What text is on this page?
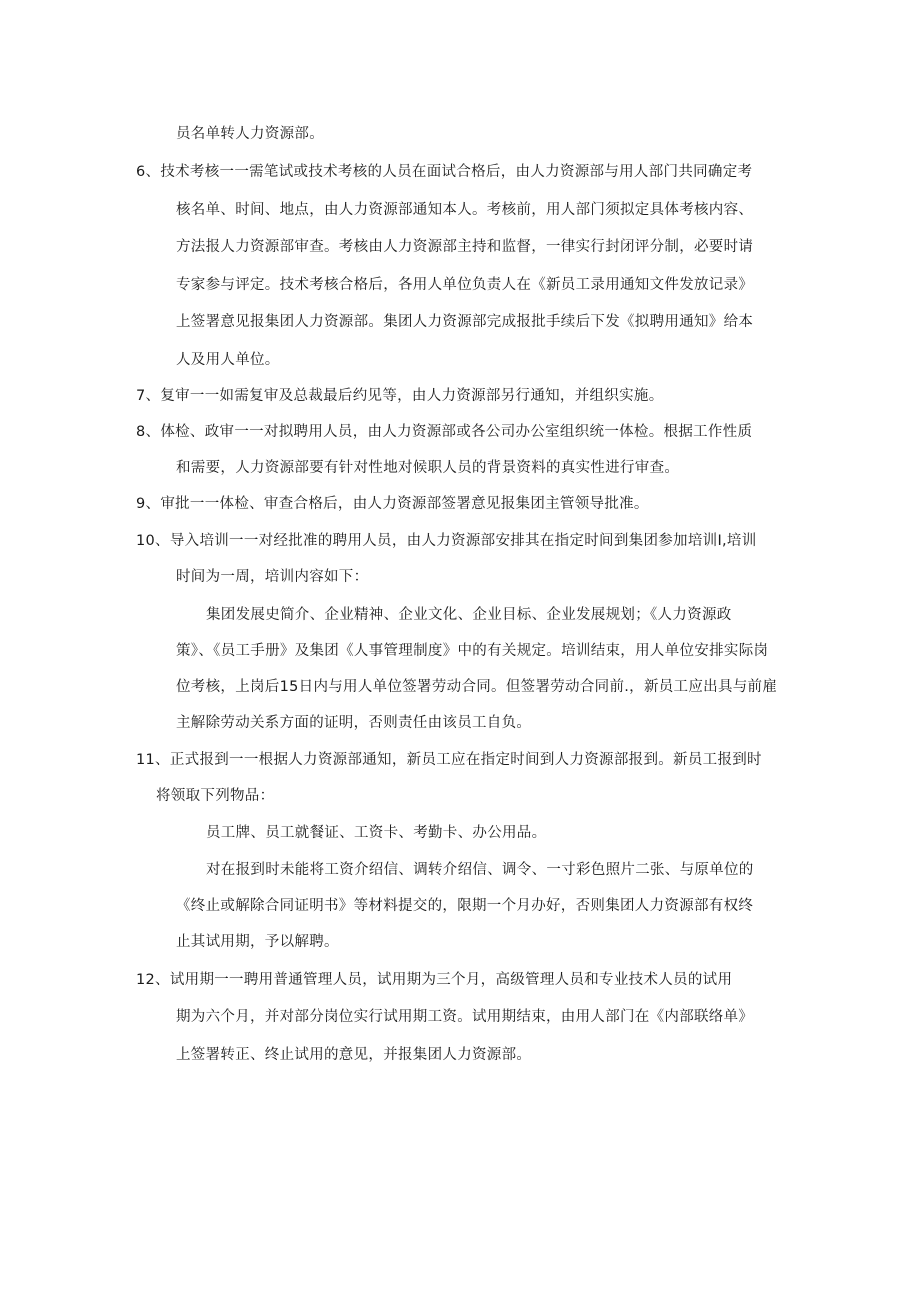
员名单转人力资源部。
6、技术考核一一需笔试或技术考核的人员在面试合格后，由人力资源部与用人部门共同确定考
核名单、时间、地点，由人力资源部通知本人。考核前，用人部门须拟定具体考核内容、
方法报人力资源部审查。考核由人力资源部主持和监督，一律实行封闭评分制，必要时请
专家参与评定。技术考核合格后，各用人单位负责人在《新员工录用通知文件发放记录》
上签署意见报集团人力资源部。集团人力资源部完成报批手续后下发《拟聘用通知》给本
人及用人单位。
7、复审一一如需复审及总裁最后约见等，由人力资源部另行通知，并组织实施。
8、体检、政审一一对拟聘用人员，由人力资源部或各公司办公室组织统一体检。根据工作性质
和需要，人力资源部要有针对性地对候职人员的背景资料的真实性进行审查。
9、审批一一体检、审查合格后，由人力资源部签署意见报集团主管领导批准。
10、导入培训一一对经批准的聘用人员，由人力资源部安排其在指定时间到集团参加培训I,培训
时间为一周，培训内容如下：
集团发展史简介、企业精神、企业文化、企业目标、企业发展规划；《人力资源政
策》、《员工手册》及集团《人事管理制度》中的有关规定。培训结束，用人单位安排实际岗
位考核，上岗后15日内与用人单位签署劳动合同。但签署劳动合同前.，新员工应出具与前雇
主解除劳动关系方面的证明，否则责任由该员工自负。
11、正式报到一一根据人力资源部通知，新员工应在指定时间到人力资源部报到。新员工报到时
将领取下列物品：
员工牌、员工就餐证、工资卡、考勤卡、办公用品。
对在报到时未能将工资介绍信、调转介绍信、调令、一寸彩色照片二张、与原单位的
《终止或解除合同证明书》等材料提交的，限期一个月办好，否则集团人力资源部有权终
止其试用期，予以解聘。
12、试用期一一聘用普通管理人员，试用期为三个月，高级管理人员和专业技术人员的试用
期为六个月，并对部分岗位实行试用期工资。试用期结束，由用人部门在《内部联络单》
上签署转正、终止试用的意见，并报集团人力资源部。
